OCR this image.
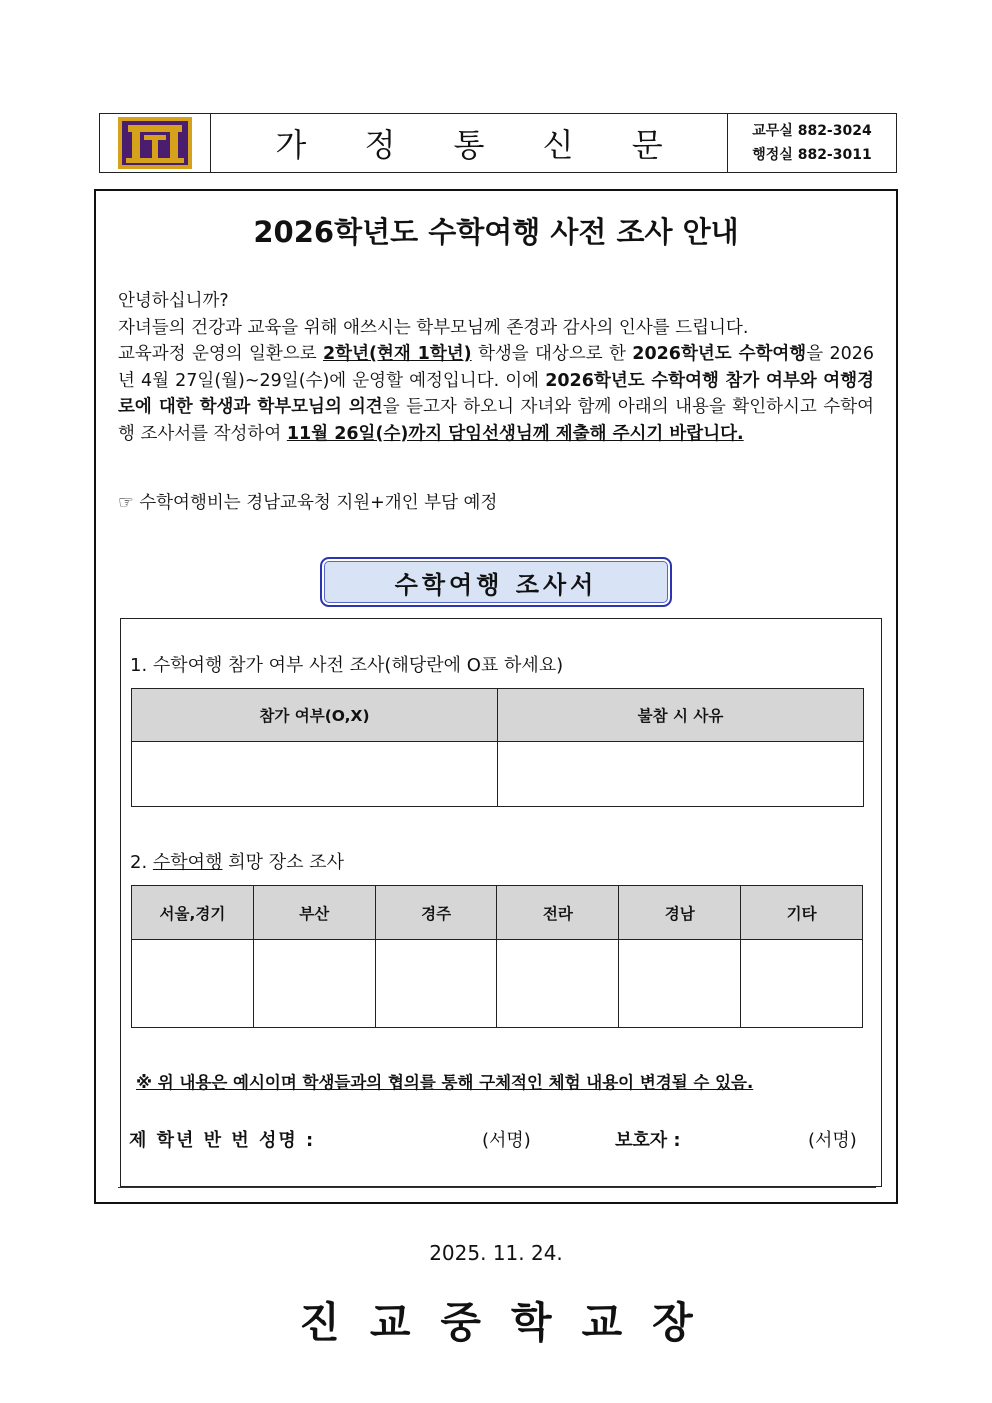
가 정 통 신 문	교무실 882-3024
행정실 882-3011
2026학년도 수학여행 사전 조사 안내

안녕하십니까?

자녀들의 건강과 교육을 위해 애쓰시는 학부모님께 존경과 감사의 인사를 드립니다.

교육과정 운영의 일환으로 2학년(현재 1학년) 학생을 대상으로 한 2026학년도 수학여행을 2026년 4월 27일(월)~29일(수)에 운영할 예정입니다. 이에 2026학년도 수학여행 참가 여부와 여행경로에 대한 학생과 학부모님의 의견을 듣고자 하오니 자녀와 함께 아래의 내용을 확인하시고 수학여행 조사서를 작성하여 11월 26일(수)까지 담임선생님께 제출해 주시기 바랍니다.

☞ 수학여행비는 경남교육청 지원+개인 부담 예정
수학여행 조사서
1. 수학여행 참가 여부 사전 조사(해당란에 O표 하세요)
참가 여부(O,X)	불참 시 사유

2. 수학여행 희망 장소 조사
서울,경기	부산	경주	전라	경남	기타

※ 위 내용은 예시이며 학생들과의 협의를 통해 구체적인 체험 내용이 변경될 수 있음.
제 학년 반 번 성명 :	(서명)	보호자 :	(서명)
2025. 11. 24.
진교중학교장
